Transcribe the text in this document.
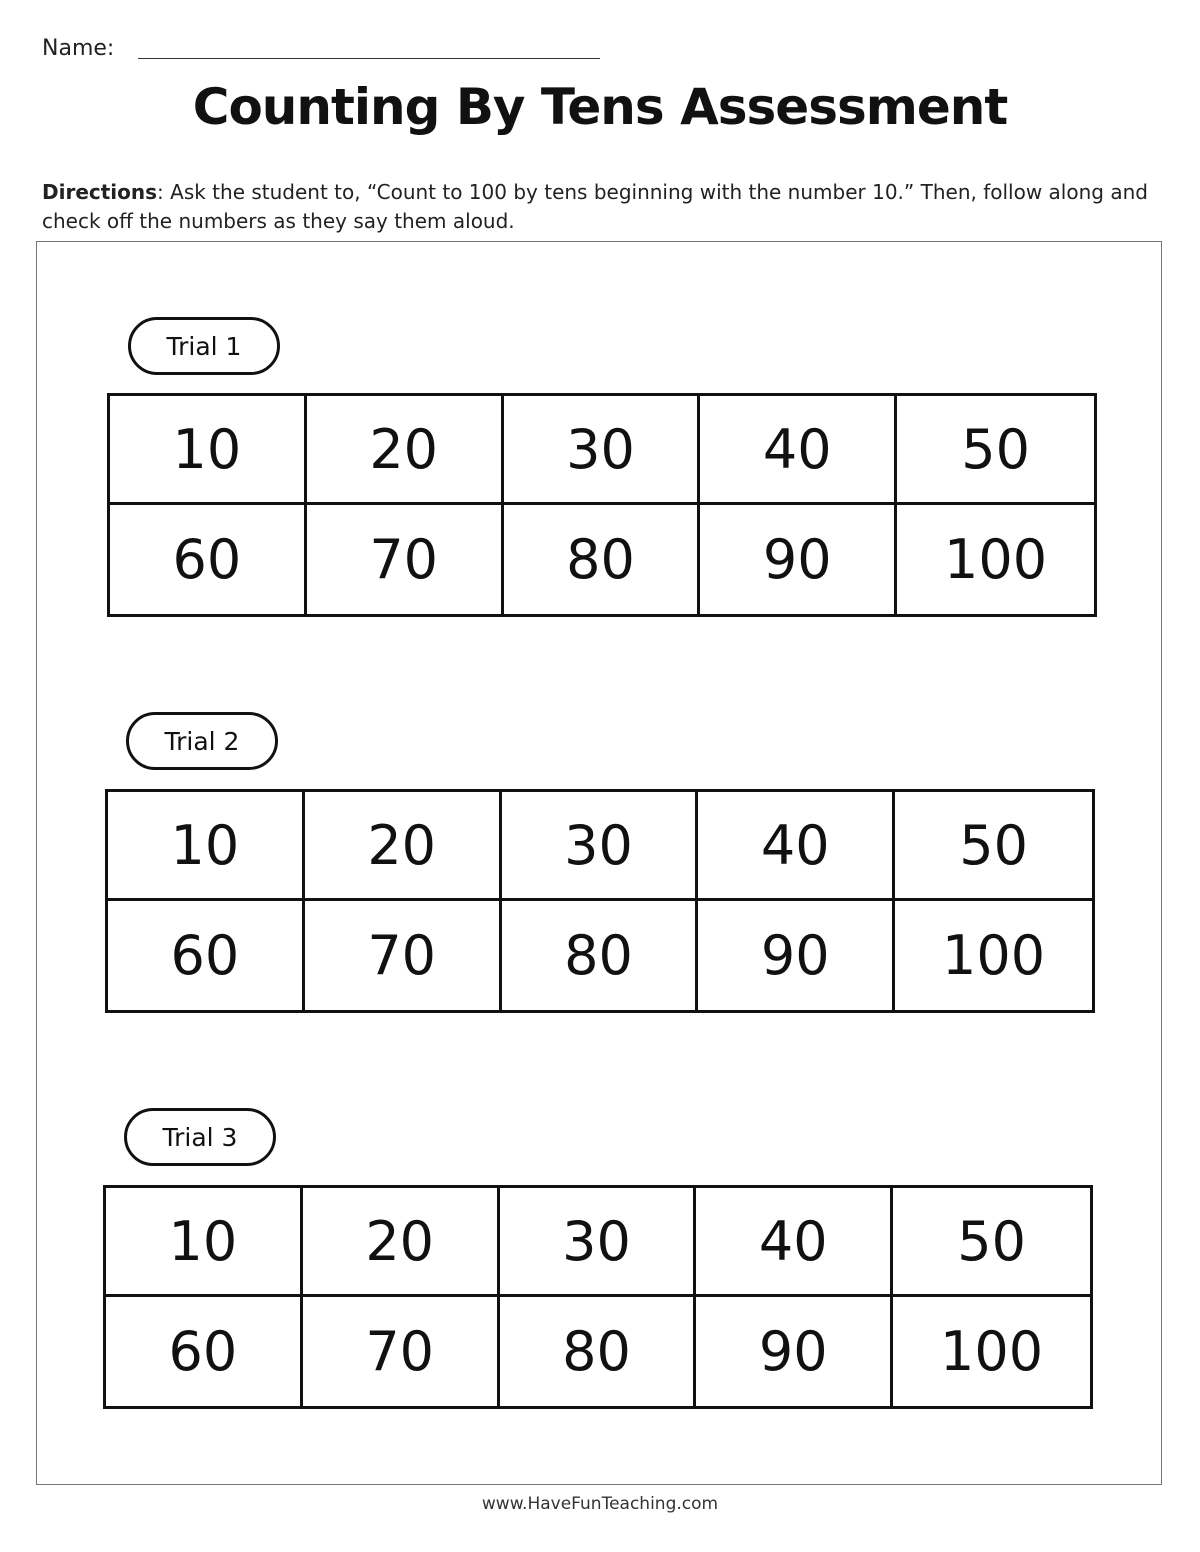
Name:
Counting By Tens Assessment
Directions: Ask the student to, “Count to 100 by tens beginning with the number 10.” Then, follow along and check off the numbers as they say them aloud.
Trial 1
10	20	30	40	50
60	70	80	90	100
Trial 2
10	20	30	40	50
60	70	80	90	100
Trial 3
10	20	30	40	50
60	70	80	90	100
www.HaveFunTeaching.com
